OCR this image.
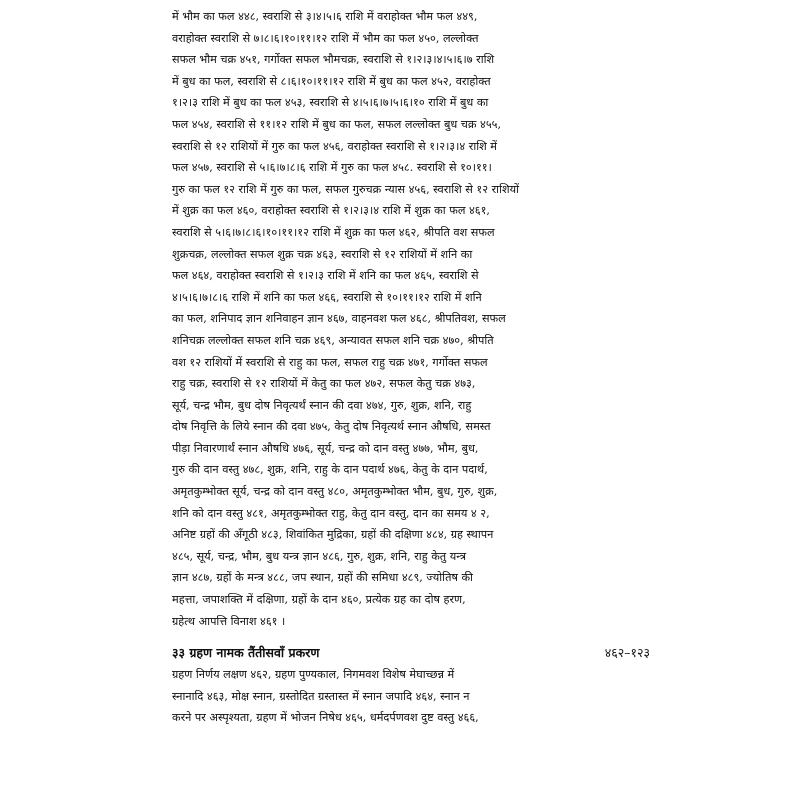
में भौम का फल ४४८, स्वराशि से ३।४।५।६ राशि में वराहोक्त भौम फल ४४९,

वराहोक्त स्वराशि से ७।८।६।१०।११।१२ राशि में भौम का फल ४५०, लल्लोक्त

सफल भौम चक्र ४५१, गर्गोक्त सफल भौमचक्र, स्वराशि से १।२।३।४।५।६।७ राशि

में बुध का फल, स्वराशि से ८।६।१०।११।१२ राशि में बुध का फल ४५२, वराहोक्त

१।२।३ राशि में बुध का फल ४५३, स्वराशि से ४।५।६।७।५।६।१० राशि में बुध का

फल ४५४, स्वराशि से ११।१२ राशि में बुध का फल, सफल लल्लोक्त बुध चक्र ४५५,

स्वराशि से १२ राशियों में गुरु का फल ४५६, वराहोक्त स्वराशि से १।२।३।४ राशि में

फल ४५७, स्वराशि से ५।६।७।८।६ राशि में गुरु का फल ४५८. स्वराशि से १०।११।

गुरु का फल १२ राशि में गुरु का फल, सफल गुरुचक्र न्यास ४५६, स्वराशि से १२ राशियों

में शुक्र का फल ४६०, वराहोक्त स्वराशि से १।२।३।४ राशि में शुक्र का फल ४६१,

स्वराशि से ५।६।७।८।६।१०।११।१२ राशि में शुक्र का फल ४६२, श्रीपति वश सफल

शुक्रचक्र, लल्लोक्त सफल शुक्र चक्र ४६३, स्वराशि से १२ राशियों में शनि का

फल ४६४, वराहोक्त स्वराशि से १।२।३ राशि में शनि का फल ४६५, स्वराशि से

४।५।६।७।८।६ राशि में शनि का फल ४६६, स्वराशि से १०।११।१२ राशि में शनि

का फल, शनिपाद ज्ञान शनिवाहन ज्ञान ४६७, वाहनवश फल ४६८, श्रीपतिवश, सफल

शनिचक्र लल्लोक्त सफल शनि चक्र ४६९, अन्यावत सफल शनि चक्र ४७०, श्रीपति

वश १२ राशियों में स्वराशि से राहु का फल, सफल राहु चक्र ४७१, गर्गोक्त सफल

राहु चक्र, स्वराशि से १२ राशियों में केतु का फल ४७२, सफल केतु चक्र ४७३,

सूर्य, चन्द्र भौम, बुध दोष निवृत्यर्थं स्नान की दवा ४७४, गुरु, शुक्र, शनि, राहु

दोष निवृत्ति के लिये स्नान की दवा ४७५, केतु दोष निवृत्यर्थ स्नान औषधि, समस्त

पीड़ा निवारणार्थं स्नान औषधि ४७६, सूर्य, चन्द्र को दान वस्तु ४७७, भौम, बुध,

गुरु की दान वस्तु ४७८, शुक्र, शनि, राहु के दान पदार्थ ४७६, केतु के दान पदार्थ,

अमृतकुम्भोक्त सूर्य, चन्द्र को दान वस्तु ४८०, अमृतकुम्भोक्त भौम, बुध, गुरु, शुक्र,

शनि को दान वस्तु ४८१, अमृतकुम्भोक्त राहु, केतु दान वस्तु, दान का समय ४ २,

अनिष्ट ग्रहों की अँगूठी ४८३, शिवांकित मुद्रिका, ग्रहों की दक्षिणा ४८४, ग्रह स्थापन

४८५, सूर्य, चन्द्र, भौम, बुध यन्त्र ज्ञान ४८६, गुरु, शुक्र, शनि, राहु केतु यन्त्र

ज्ञान ४८७, ग्रहों के मन्त्र ४८८, जप स्थान, ग्रहों की समिधा ४८९, ज्योतिष की

महत्ता, जपाशक्ति में दक्षिणा, ग्रहों के दान ४६०, प्रत्येक ग्रह का दोष हरण,

ग्रहेत्थ आपत्ति विनाश ४६१ ।

३३ ग्रहण नामक तैंतीसवाँ प्रकरण	४६२–१२३

ग्रहण निर्णय लक्षण ४६२, ग्रहण पुण्यकाल, निगमवश विशेष मेघाच्छन्न में

स्नानादि ४६३, मोक्ष स्नान, ग्रस्तोदित ग्रस्तास्त में स्नान जपादि ४६४, स्नान न

करने पर अस्पृश्यता, ग्रहण में भोजन निषेध ४६५, धर्मदर्पणवश दुष्ट वस्तु ४६६,
